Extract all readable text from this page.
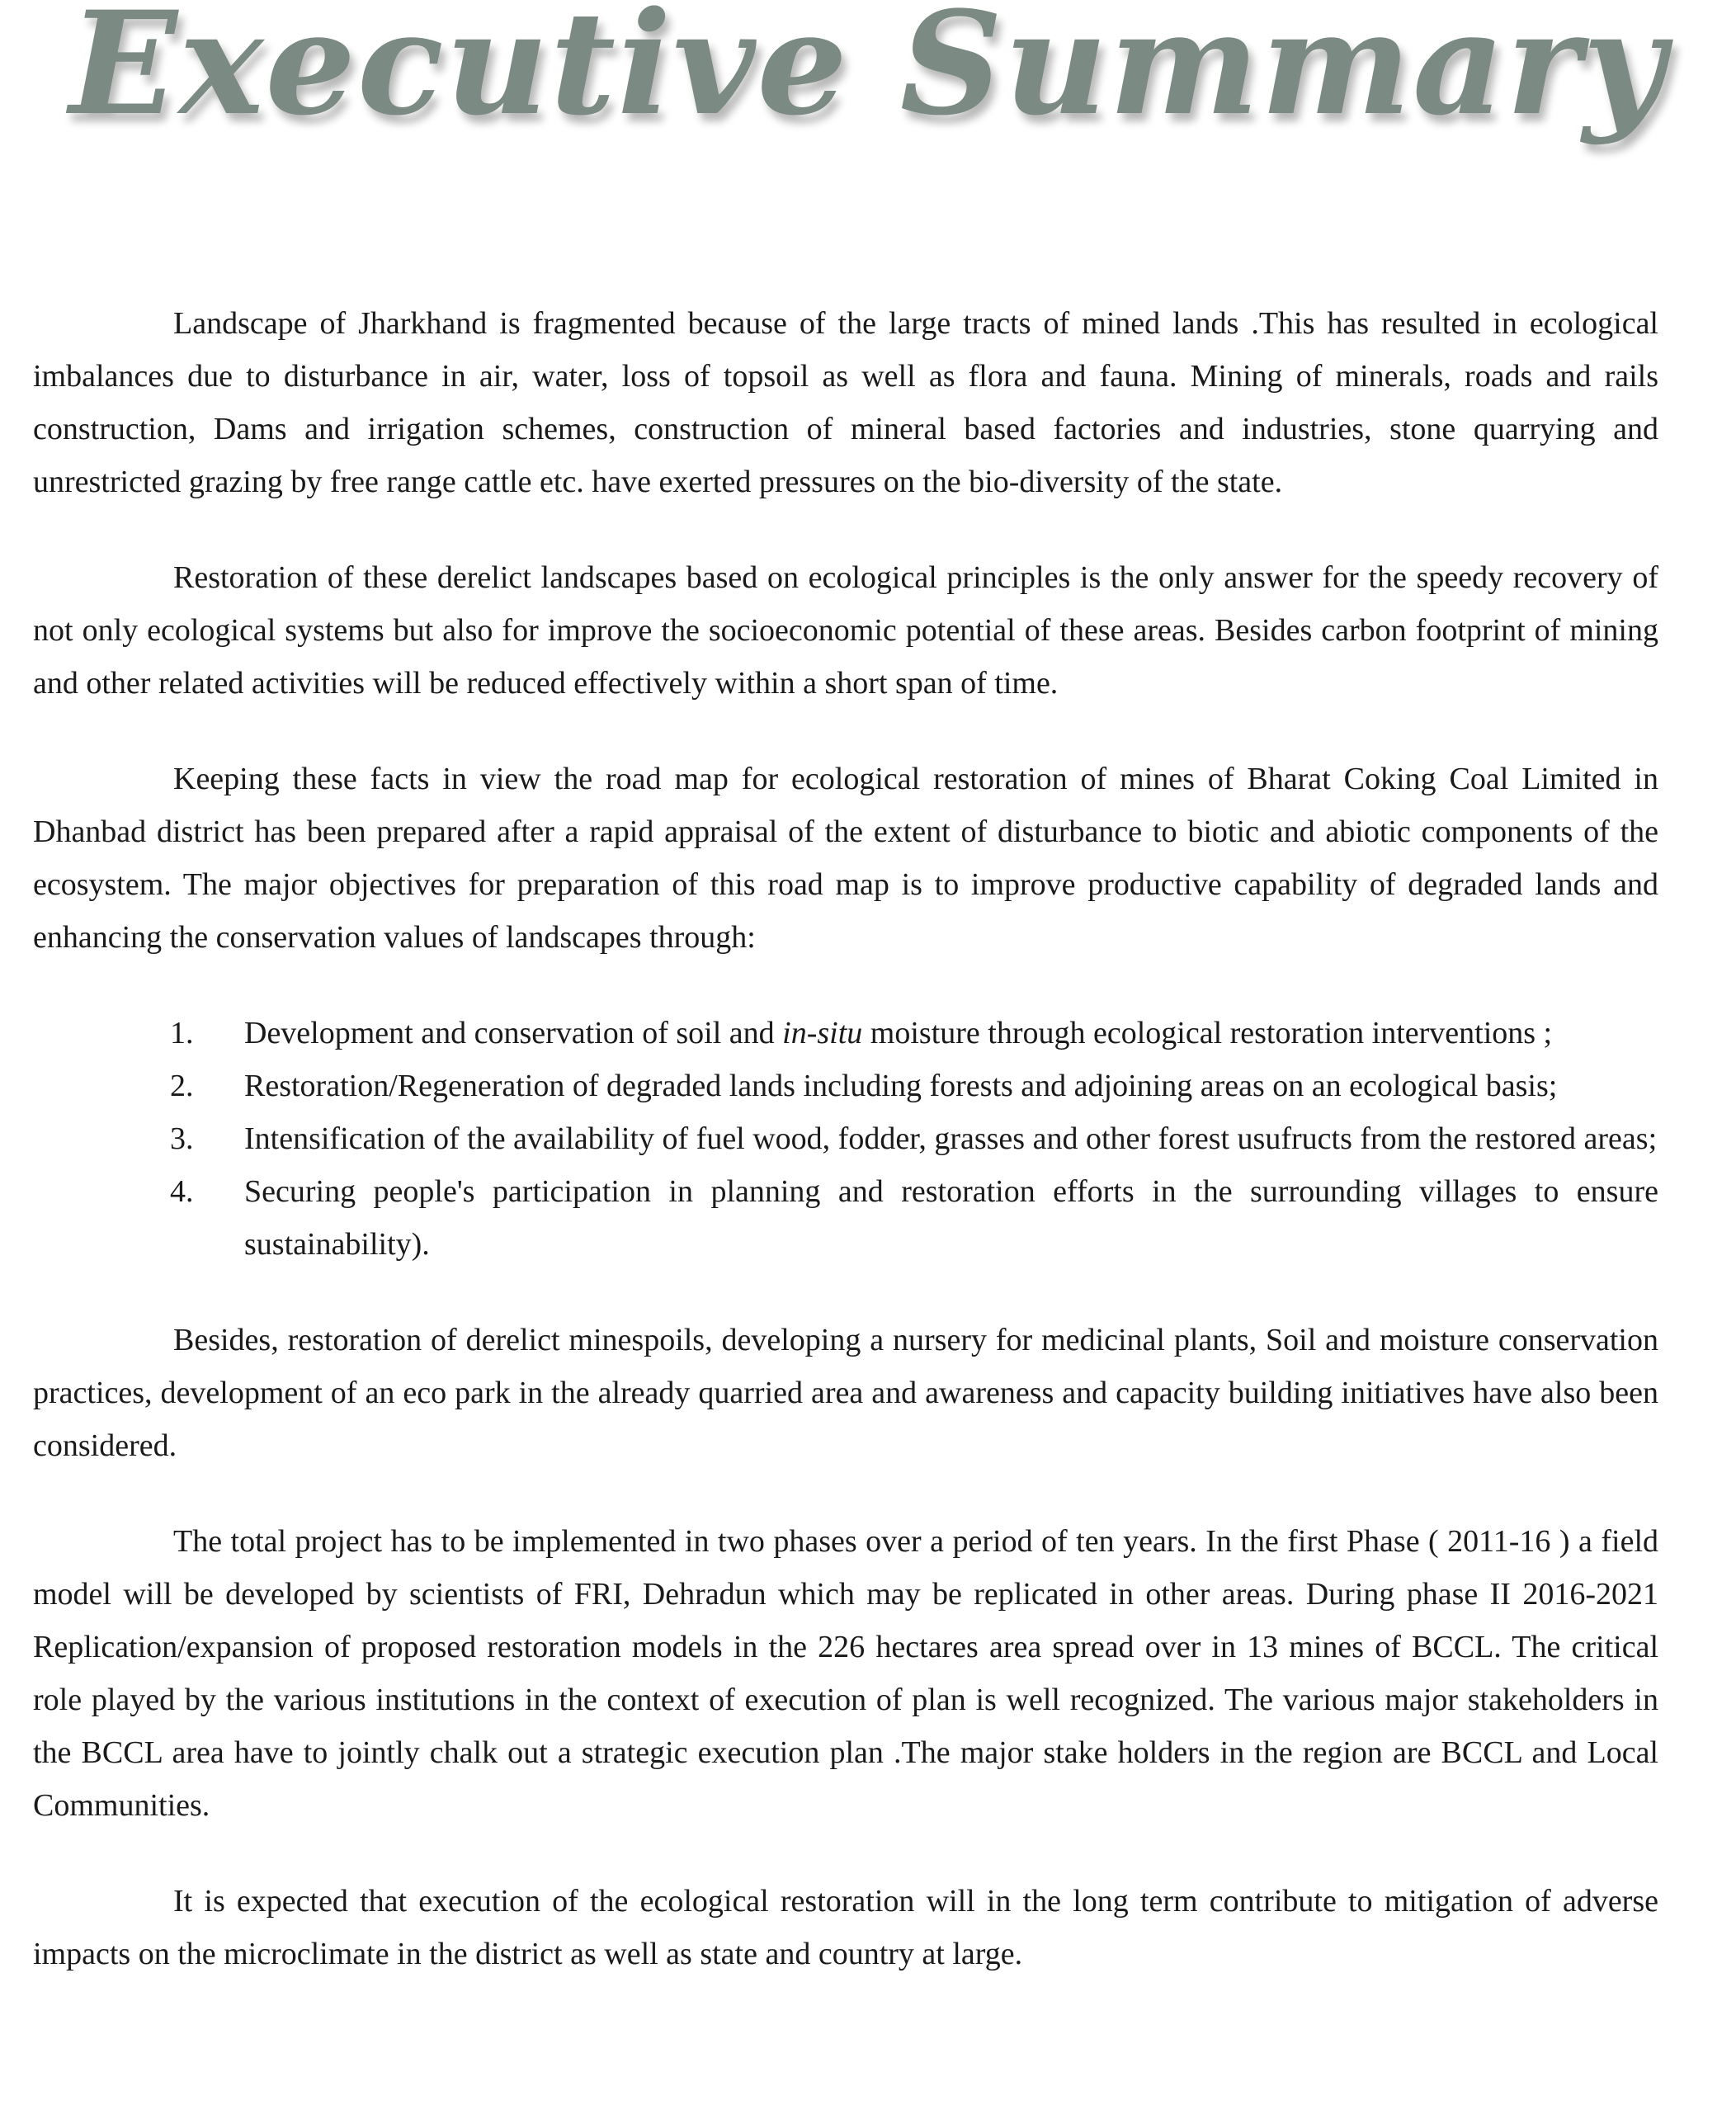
Executive Summary

Landscape of Jharkhand is fragmented because of the large tracts of mined lands .This has resulted in ecological imbalances due to disturbance in air, water, loss of topsoil as well as flora and fauna. Mining of minerals, roads and rails construction, Dams and irrigation schemes, construction of mineral based factories and industries, stone quarrying and unrestricted grazing by free range cattle etc. have exerted pressures on the bio-diversity of the state.

Restoration of these derelict landscapes based on ecological principles is the only answer for the speedy recovery of not only ecological systems but also for improve the socioeconomic potential of these areas. Besides carbon footprint of mining and other related activities will be reduced effectively within a short span of time.

Keeping these facts in view the road map for ecological restoration of mines of Bharat Coking Coal Limited in Dhanbad district has been prepared after a rapid appraisal of the extent of disturbance to biotic and abiotic components of the ecosystem. The major objectives for preparation of this road map is to improve productive capability of degraded lands and enhancing the conservation values of landscapes through:

1. Development and conservation of soil and in-situ moisture through ecological restoration interventions ;
2. Restoration/Regeneration of degraded lands including forests and adjoining areas on an ecological basis;
3. Intensification of the availability of fuel wood, fodder, grasses and other forest usufructs from the restored areas;
4. Securing people's participation in planning and restoration efforts in the surrounding villages to ensure sustainability).

Besides, restoration of derelict minespoils, developing a nursery for medicinal plants, Soil and moisture conservation practices, development of an eco park in the already quarried area and awareness and capacity building initiatives have also been considered.

The total project has to be implemented in two phases over a period of ten years. In the first Phase ( 2011-16 ) a field model will be developed by scientists of FRI, Dehradun which may be replicated in other areas. During phase II 2016-2021 Replication/expansion of proposed restoration models in the 226 hectares area spread over in 13 mines of BCCL. The critical role played by the various institutions in the context of execution of plan is well recognized. The various major stakeholders in the BCCL area have to jointly chalk out a strategic execution plan .The major stake holders in the region are BCCL and Local Communities.

It is expected that execution of the ecological restoration will in the long term contribute to mitigation of adverse impacts on the microclimate in the district as well as state and country at large.
